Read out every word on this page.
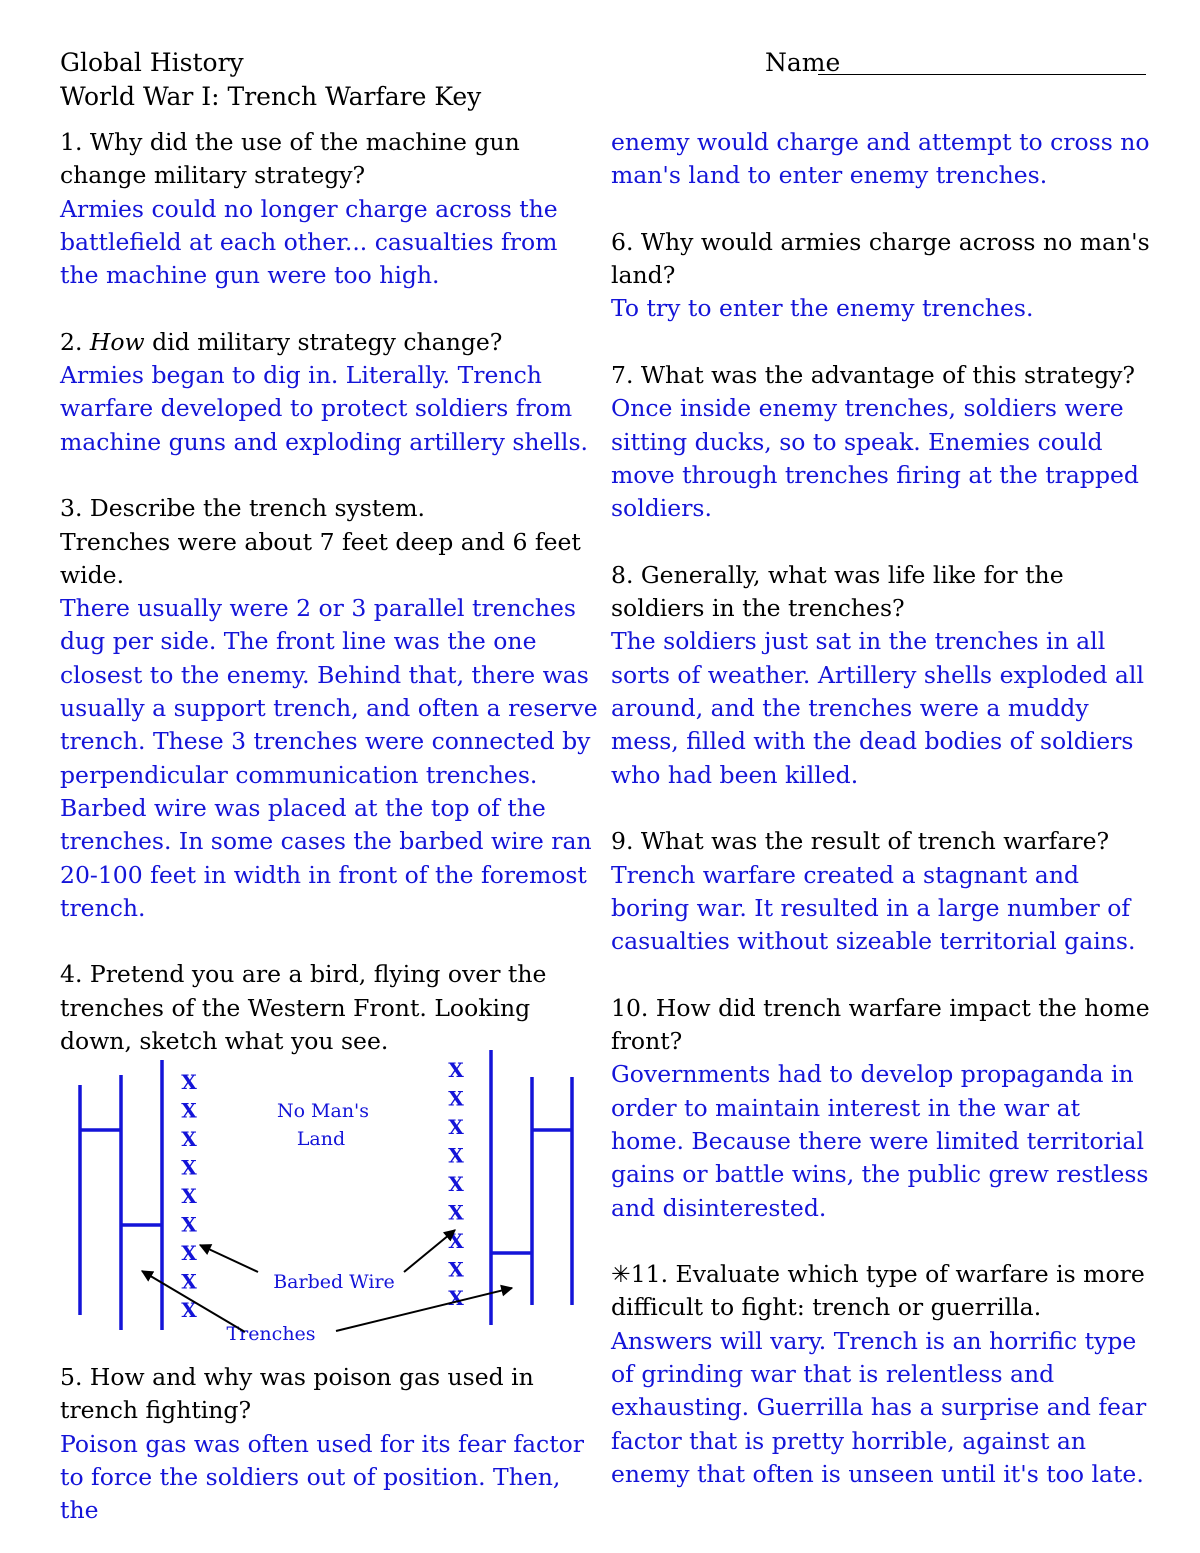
Global History
World War I: Trench Warfare Key
Name

1. Why did the use of the machine gun change military strategy?

Armies could no longer charge across the battlefield at each other... casualties from the machine gun were too high.

2. How did military strategy change?

Armies began to dig in. Literally. Trench warfare developed to protect soldiers from machine guns and exploding artillery shells.

3. Describe the trench system.

Trenches were about 7 feet deep and 6 feet wide.

There usually were 2 or 3 parallel trenches dug per side. The front line was the one closest to the enemy. Behind that, there was usually a support trench, and often a reserve trench. These 3 trenches were connected by perpendicular communication trenches.

Barbed wire was placed at the top of the trenches. In some cases the barbed wire ran 20-100 feet in width in front of the foremost trench.

4. Pretend you are a bird, flying over the trenches of the Western Front. Looking down, sketch what you see.

X
X
X
X
X
X
X
X
X
X
X
X
X
X
X
X
X
X
No Man's
Land
Barbed Wire
Trenches

5. How and why was poison gas used in trench fighting?

Poison gas was often used for its fear factor to force the soldiers out of position. Then, the

enemy would charge and attempt to cross no man's land to enter enemy trenches.

6. Why would armies charge across no man's land?

To try to enter the enemy trenches.

7. What was the advantage of this strategy?

Once inside enemy trenches, soldiers were sitting ducks, so to speak. Enemies could move through trenches firing at the trapped soldiers.

8. Generally, what was life like for the soldiers in the trenches?

The soldiers just sat in the trenches in all sorts of weather. Artillery shells exploded all around, and the trenches were a muddy mess, filled with the dead bodies of soldiers who had been killed.

9. What was the result of trench warfare?

Trench warfare created a stagnant and boring war. It resulted in a large number of casualties without sizeable territorial gains.

10. How did trench warfare impact the home front?

Governments had to develop propaganda in order to maintain interest in the war at home. Because there were limited territorial gains or battle wins, the public grew restless and disinterested.

✳11. Evaluate which type of warfare is more difficult to fight: trench or guerrilla.

Answers will vary. Trench is an horrific type of grinding war that is relentless and exhausting. Guerrilla has a surprise and fear factor that is pretty horrible, against an enemy that often is unseen until it's too late.
